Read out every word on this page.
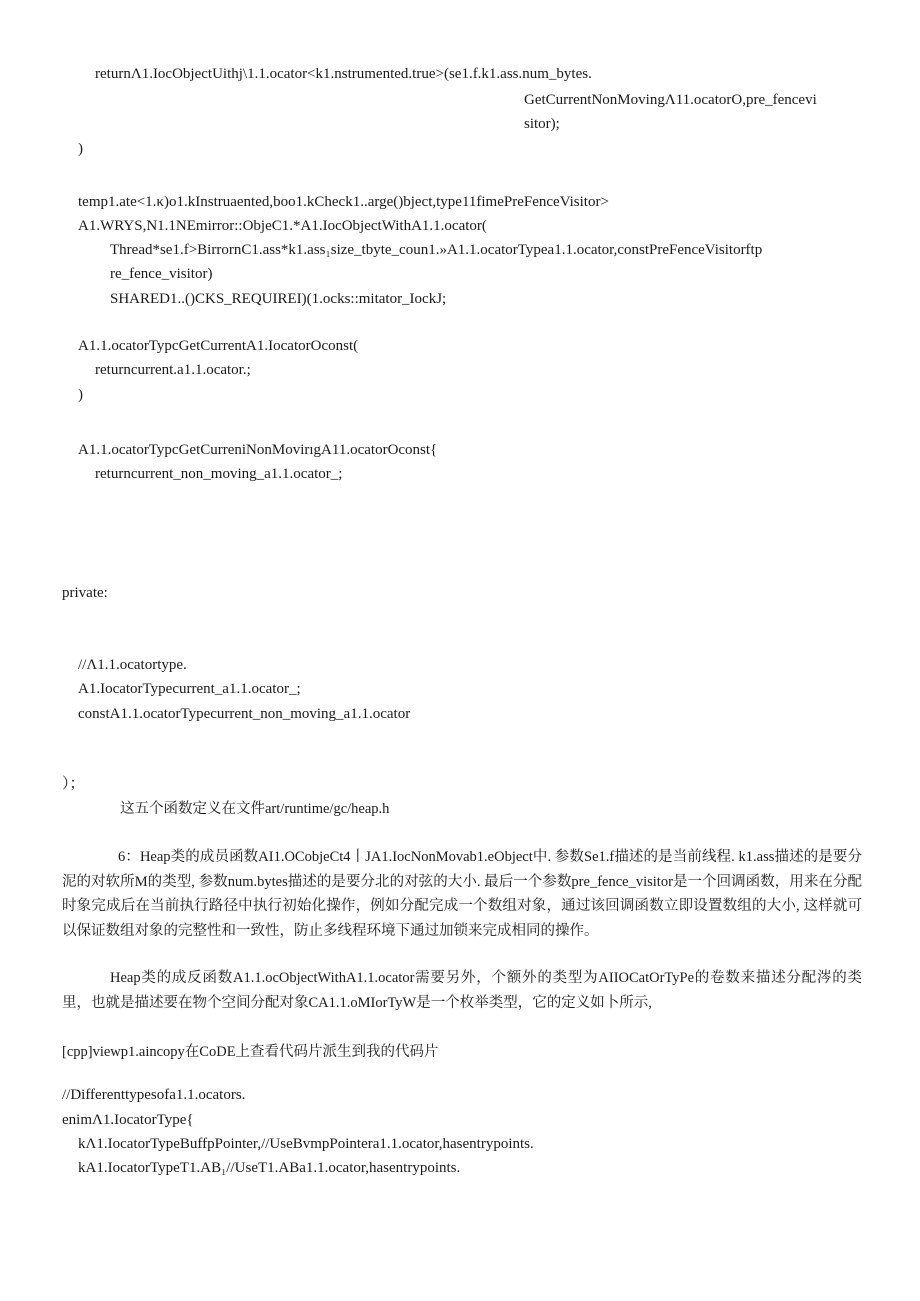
returnΛ1.IocObjectUithj\1.1.ocator<k1.nstrumented.true>(se1.f.k1.ass.num_bytes.
GetCurrentNonMovingΛ11.ocatorO,pre_fencevi
sitor);
)
temp1.ate<1.κ)o1.kInstruaented,boo1.kCheck1..arge()bject,type11fimePreFenceVisitor>
A1.WRYS,N1.1NEmirror::ObjeC1.*A1.IocObjectWithA1.1.ocator(
Thread*se1.f>BirrornC1.ass*k1.ass₁size_tbyte_coun1.»A1.1.ocatorTypea1.1.ocator,constPreFenceVisitorftp
re_fence_visitor)
SHARED1..()CKS_REQUIREI)(1.ocks::mitator_IockJ;
A1.1.ocatorTypcGetCurrentA1.IocatorOconst(
returncurrent.a1.1.ocator.;
)
A1.1.ocatorTypcGetCurreniNonMovirıgA11.ocatorOconst{
returncurrent_non_moving_a1.1.ocator_;
private:
//Λ1.1.ocatortype.
A1.IocatorTypecurrent_a1.1.ocator_;
constA1.1.ocatorTypecurrent_non_moving_a1.1.ocator
）；
这五个函数定义在文件art/runtime/gc/heap.h
6：Heap类的成员函数AI1.OCobjeCt4丨JA1.IocNonMovab1.eObject中. 参数Se1.f描述的是当前线程. k1.ass描述的是要分泥的对软所M的类型, 参数num.bytes描述的是要分北的对弦的大小. 最后一个参数pre_fence_visitor是一个回调函数，用来在分配时象完成后在当前执行路径中执行初始化操作，例如分配完成一个数组对象，通过该回调函数立即设置数组的大小, 这样就可以保证数组对象的完整性和一致性，防止多线程环境下通过加锁来完成相同的操作。
Heap类的成反函数A1.1.ocObjectWithA1.1.ocator需要另外，个额外的类型为AIIOCatOrTyPe的卷数来描述分配涔的类里，也就是描述要在物个空间分配对象CA1.1.oMIorTyW是一个枚举类型，它的定义如卜所示,
[cpp]viewp1.aincopy在CoDE上查看代码片派生到我的代码片
//Differenttypesofa1.1.ocators.
enimΛ1.IocatorType{
kΛ1.IocatorTypeBuffpPointer,//UseBvmpPointera1.1.ocator,hasentrypoints.
kA1.IocatorTypeT1.AB₁//UseT1.ABa1.1.ocator,hasentrypoints.
